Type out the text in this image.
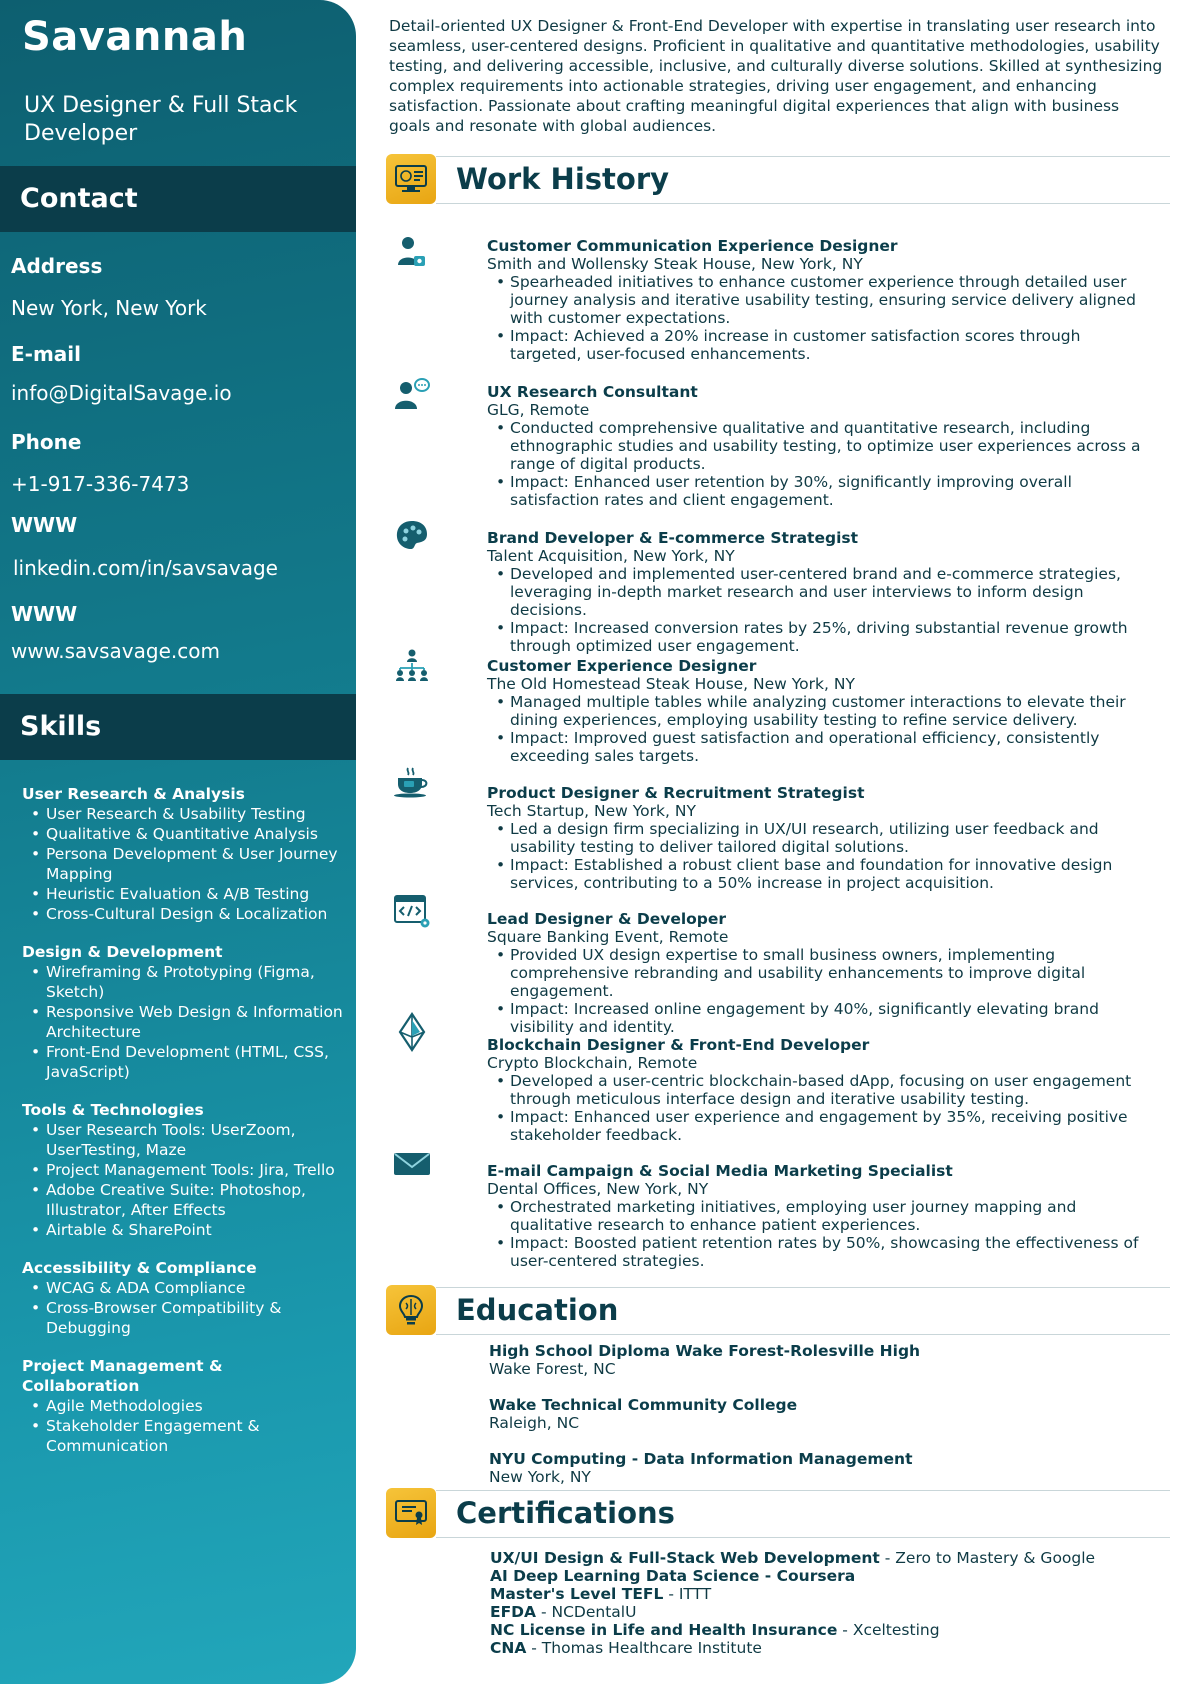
Savannah
UX Designer & Full Stack Developer
Contact
Address
New York, New York
E-mail
info@DigitalSavage.io
Phone
+1-917-336-7473
WWW
linkedin.com/in/savsavage
WWW
www.savsavage.com
Skills
User Research & Analysis
• User Research & Usability Testing
• Qualitative & Quantitative Analysis
• Persona Development & User Journey Mapping
• Heuristic Evaluation & A/B Testing
• Cross-Cultural Design & Localization
Design & Development
• Wireframing & Prototyping (Figma, Sketch)
• Responsive Web Design & Information Architecture
• Front-End Development (HTML, CSS, JavaScript)
Tools & Technologies
• User Research Tools: UserZoom, UserTesting, Maze
• Project Management Tools: Jira, Trello
• Adobe Creative Suite: Photoshop, Illustrator, After Effects
• Airtable & SharePoint
Accessibility & Compliance
• WCAG & ADA Compliance
• Cross-Browser Compatibility & Debugging
Project Management & Collaboration
• Agile Methodologies
• Stakeholder Engagement & Communication
Detail-oriented UX Designer & Front-End Developer with expertise in translating user research into seamless, user-centered designs. Proficient in qualitative and quantitative methodologies, usability testing, and delivering accessible, inclusive, and culturally diverse solutions. Skilled at synthesizing complex requirements into actionable strategies, driving user engagement, and enhancing satisfaction. Passionate about crafting meaningful digital experiences that align with business goals and resonate with global audiences.
Work History
Customer Communication Experience Designer
Smith and Wollensky Steak House, New York, NY
• Spearheaded initiatives to enhance customer experience through detailed user journey analysis and iterative usability testing, ensuring service delivery aligned with customer expectations.
• Impact: Achieved a 20% increase in customer satisfaction scores through targeted, user-focused enhancements.
UX Research Consultant
GLG, Remote
• Conducted comprehensive qualitative and quantitative research, including ethnographic studies and usability testing, to optimize user experiences across a range of digital products.
• Impact: Enhanced user retention by 30%, significantly improving overall satisfaction rates and client engagement.
Brand Developer & E-commerce Strategist
Talent Acquisition, New York, NY
• Developed and implemented user-centered brand and e-commerce strategies, leveraging in-depth market research and user interviews to inform design decisions.
• Impact: Increased conversion rates by 25%, driving substantial revenue growth through optimized user engagement.
Customer Experience Designer
The Old Homestead Steak House, New York, NY
• Managed multiple tables while analyzing customer interactions to elevate their dining experiences, employing usability testing to refine service delivery.
• Impact: Improved guest satisfaction and operational efficiency, consistently exceeding sales targets.
Product Designer & Recruitment Strategist
Tech Startup, New York, NY
• Led a design firm specializing in UX/UI research, utilizing user feedback and usability testing to deliver tailored digital solutions.
• Impact: Established a robust client base and foundation for innovative design services, contributing to a 50% increase in project acquisition.
Lead Designer & Developer
Square Banking Event, Remote
• Provided UX design expertise to small business owners, implementing comprehensive rebranding and usability enhancements to improve digital engagement.
• Impact: Increased online engagement by 40%, significantly elevating brand visibility and identity.
Blockchain Designer & Front-End Developer
Crypto Blockchain, Remote
• Developed a user-centric blockchain-based dApp, focusing on user engagement through meticulous interface design and iterative usability testing.
• Impact: Enhanced user experience and engagement by 35%, receiving positive stakeholder feedback.
E-mail Campaign & Social Media Marketing Specialist
Dental Offices, New York, NY
• Orchestrated marketing initiatives, employing user journey mapping and qualitative research to enhance patient experiences.
• Impact: Boosted patient retention rates by 50%, showcasing the effectiveness of user-centered strategies.
Education
High School Diploma Wake Forest-Rolesville High
Wake Forest, NC
Wake Technical Community College
Raleigh, NC
NYU Computing - Data Information Management
New York, NY
Certifications
UX/UI Design & Full-Stack Web Development - Zero to Mastery & Google
AI Deep Learning Data Science - Coursera
Master's Level TEFL - ITTT
EFDA - NCDentalU
NC License in Life and Health Insurance - Xceltesting
CNA - Thomas Healthcare Institute
